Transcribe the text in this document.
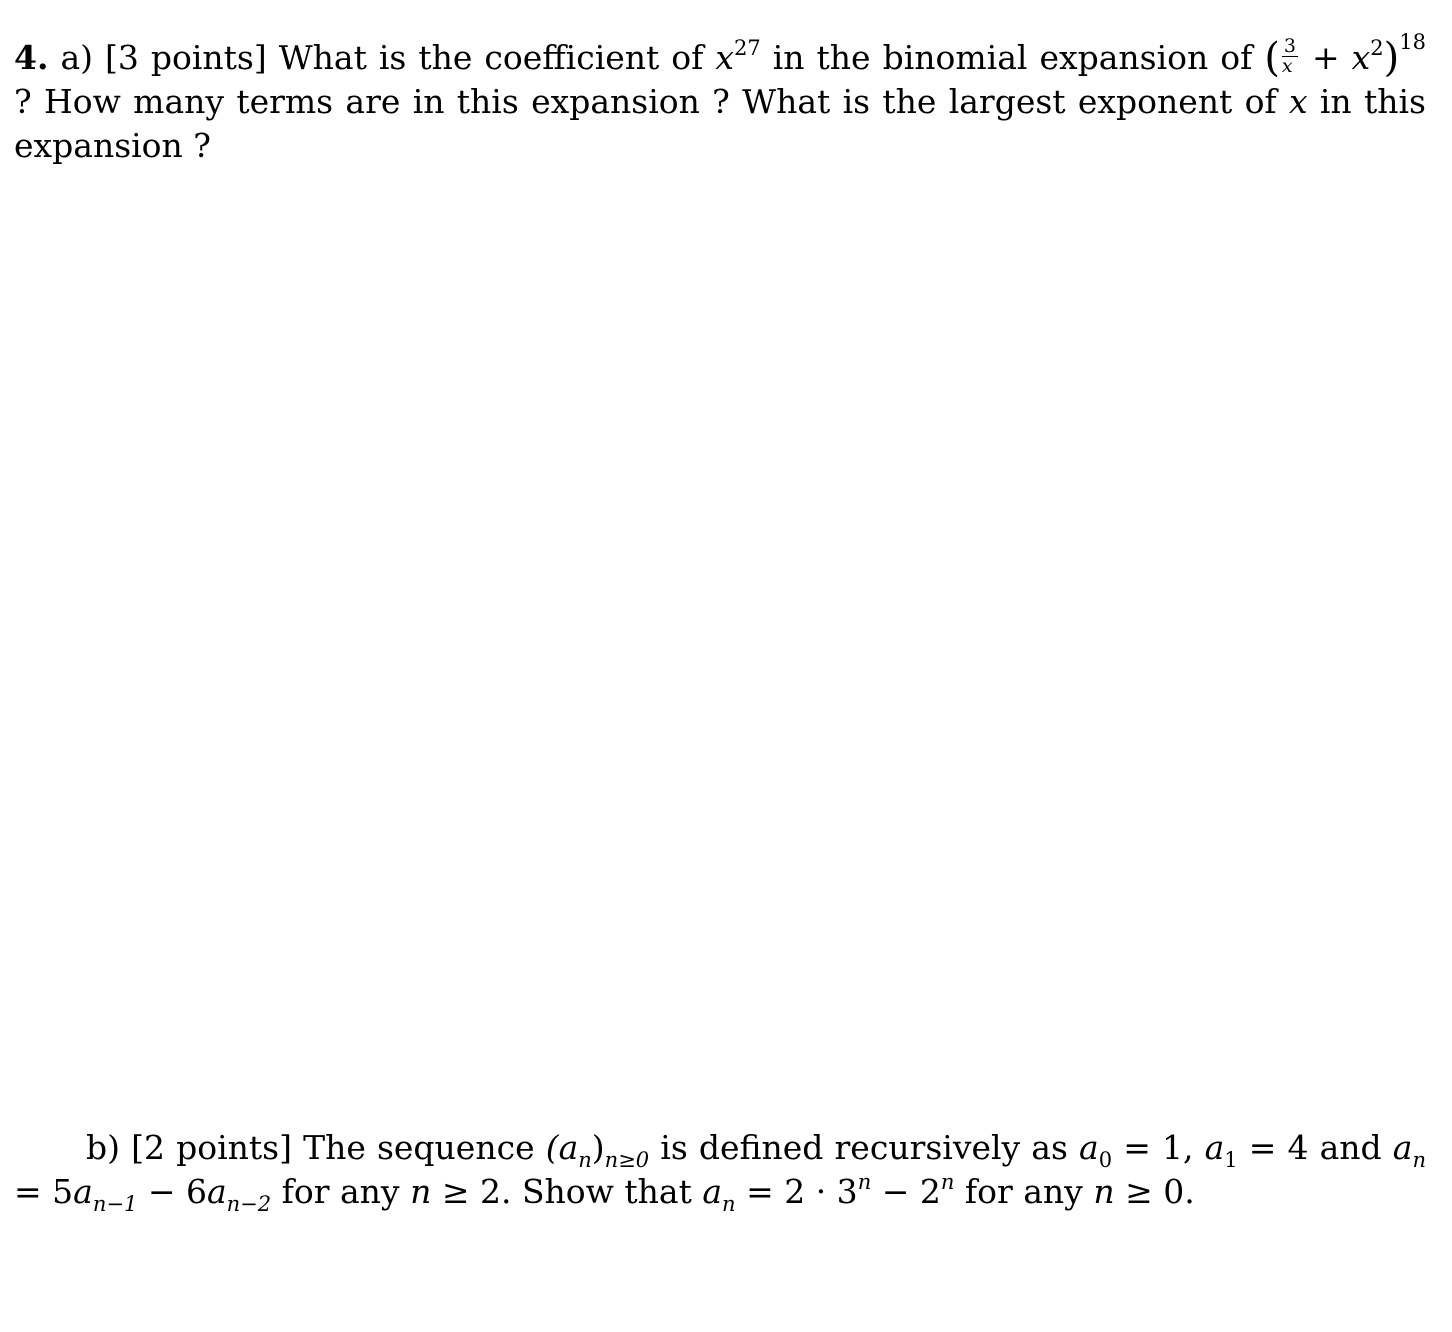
4. a) [3 points] What is the coefficient of $x^{27}$ in the binomial expansion of ( $\frac{3}{x} + x^2)^{18}$ ? How many terms are in this expansion ? What is the largest exponent of x in this expansion ?
b) [2 points] The sequence $(a_n)_{n\ge 0}$ is defined recursively as $a_0 = 1$, $a_1 = 4$ and $a_n = 5a_{n-1} - 6a_{n-2}$ for any n ≥ 2. Show that $a_n = 2 \cdot 3^n - 2^n$ for any n ≥ 0.
